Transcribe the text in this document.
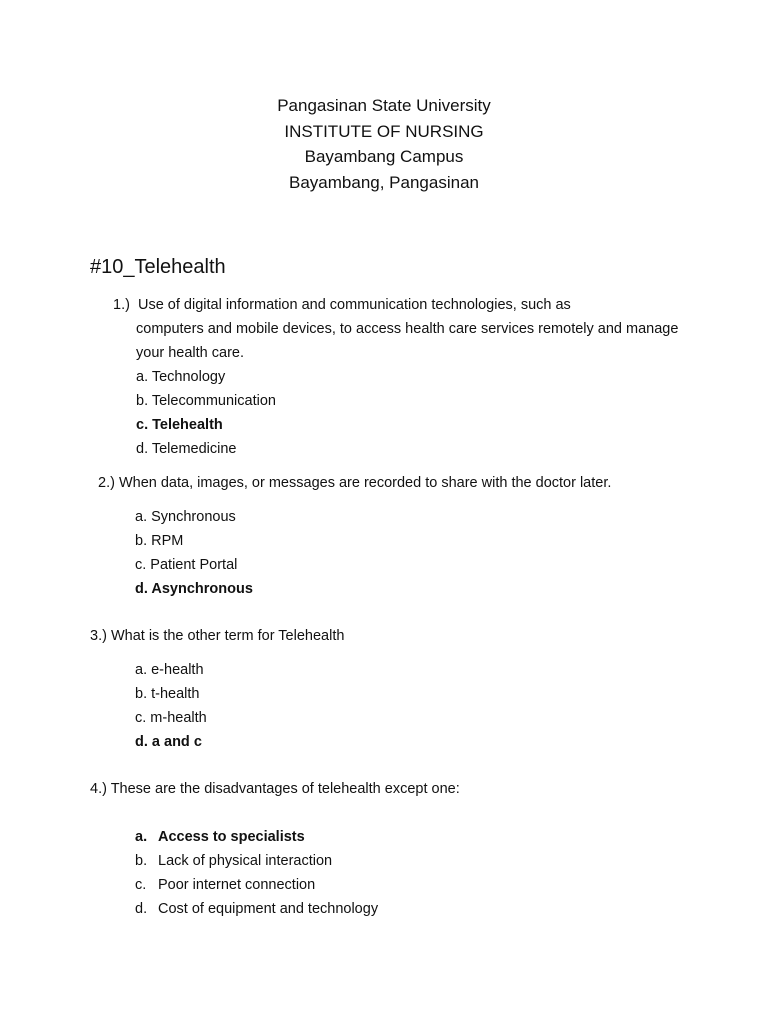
Pangasinan State University
INSTITUTE OF NURSING
Bayambang Campus
Bayambang, Pangasinan
#10_Telehealth
1.) Use of digital information and communication technologies, such as
computers and mobile devices, to access health care services remotely and manage your health care.
a. Technology
b. Telecommunication
c. Telehealth
d. Telemedicine
2.) When data, images, or messages are recorded to share with the doctor later.
a. Synchronous
b. RPM
c. Patient Portal
d. Asynchronous
3.) What is the other term for Telehealth
a. e-health
b. t-health
c. m-health
d. a and c
4.) These are the disadvantages of telehealth except one:
a. Access to specialists
b. Lack of physical interaction
c. Poor internet connection
d. Cost of equipment and technology
